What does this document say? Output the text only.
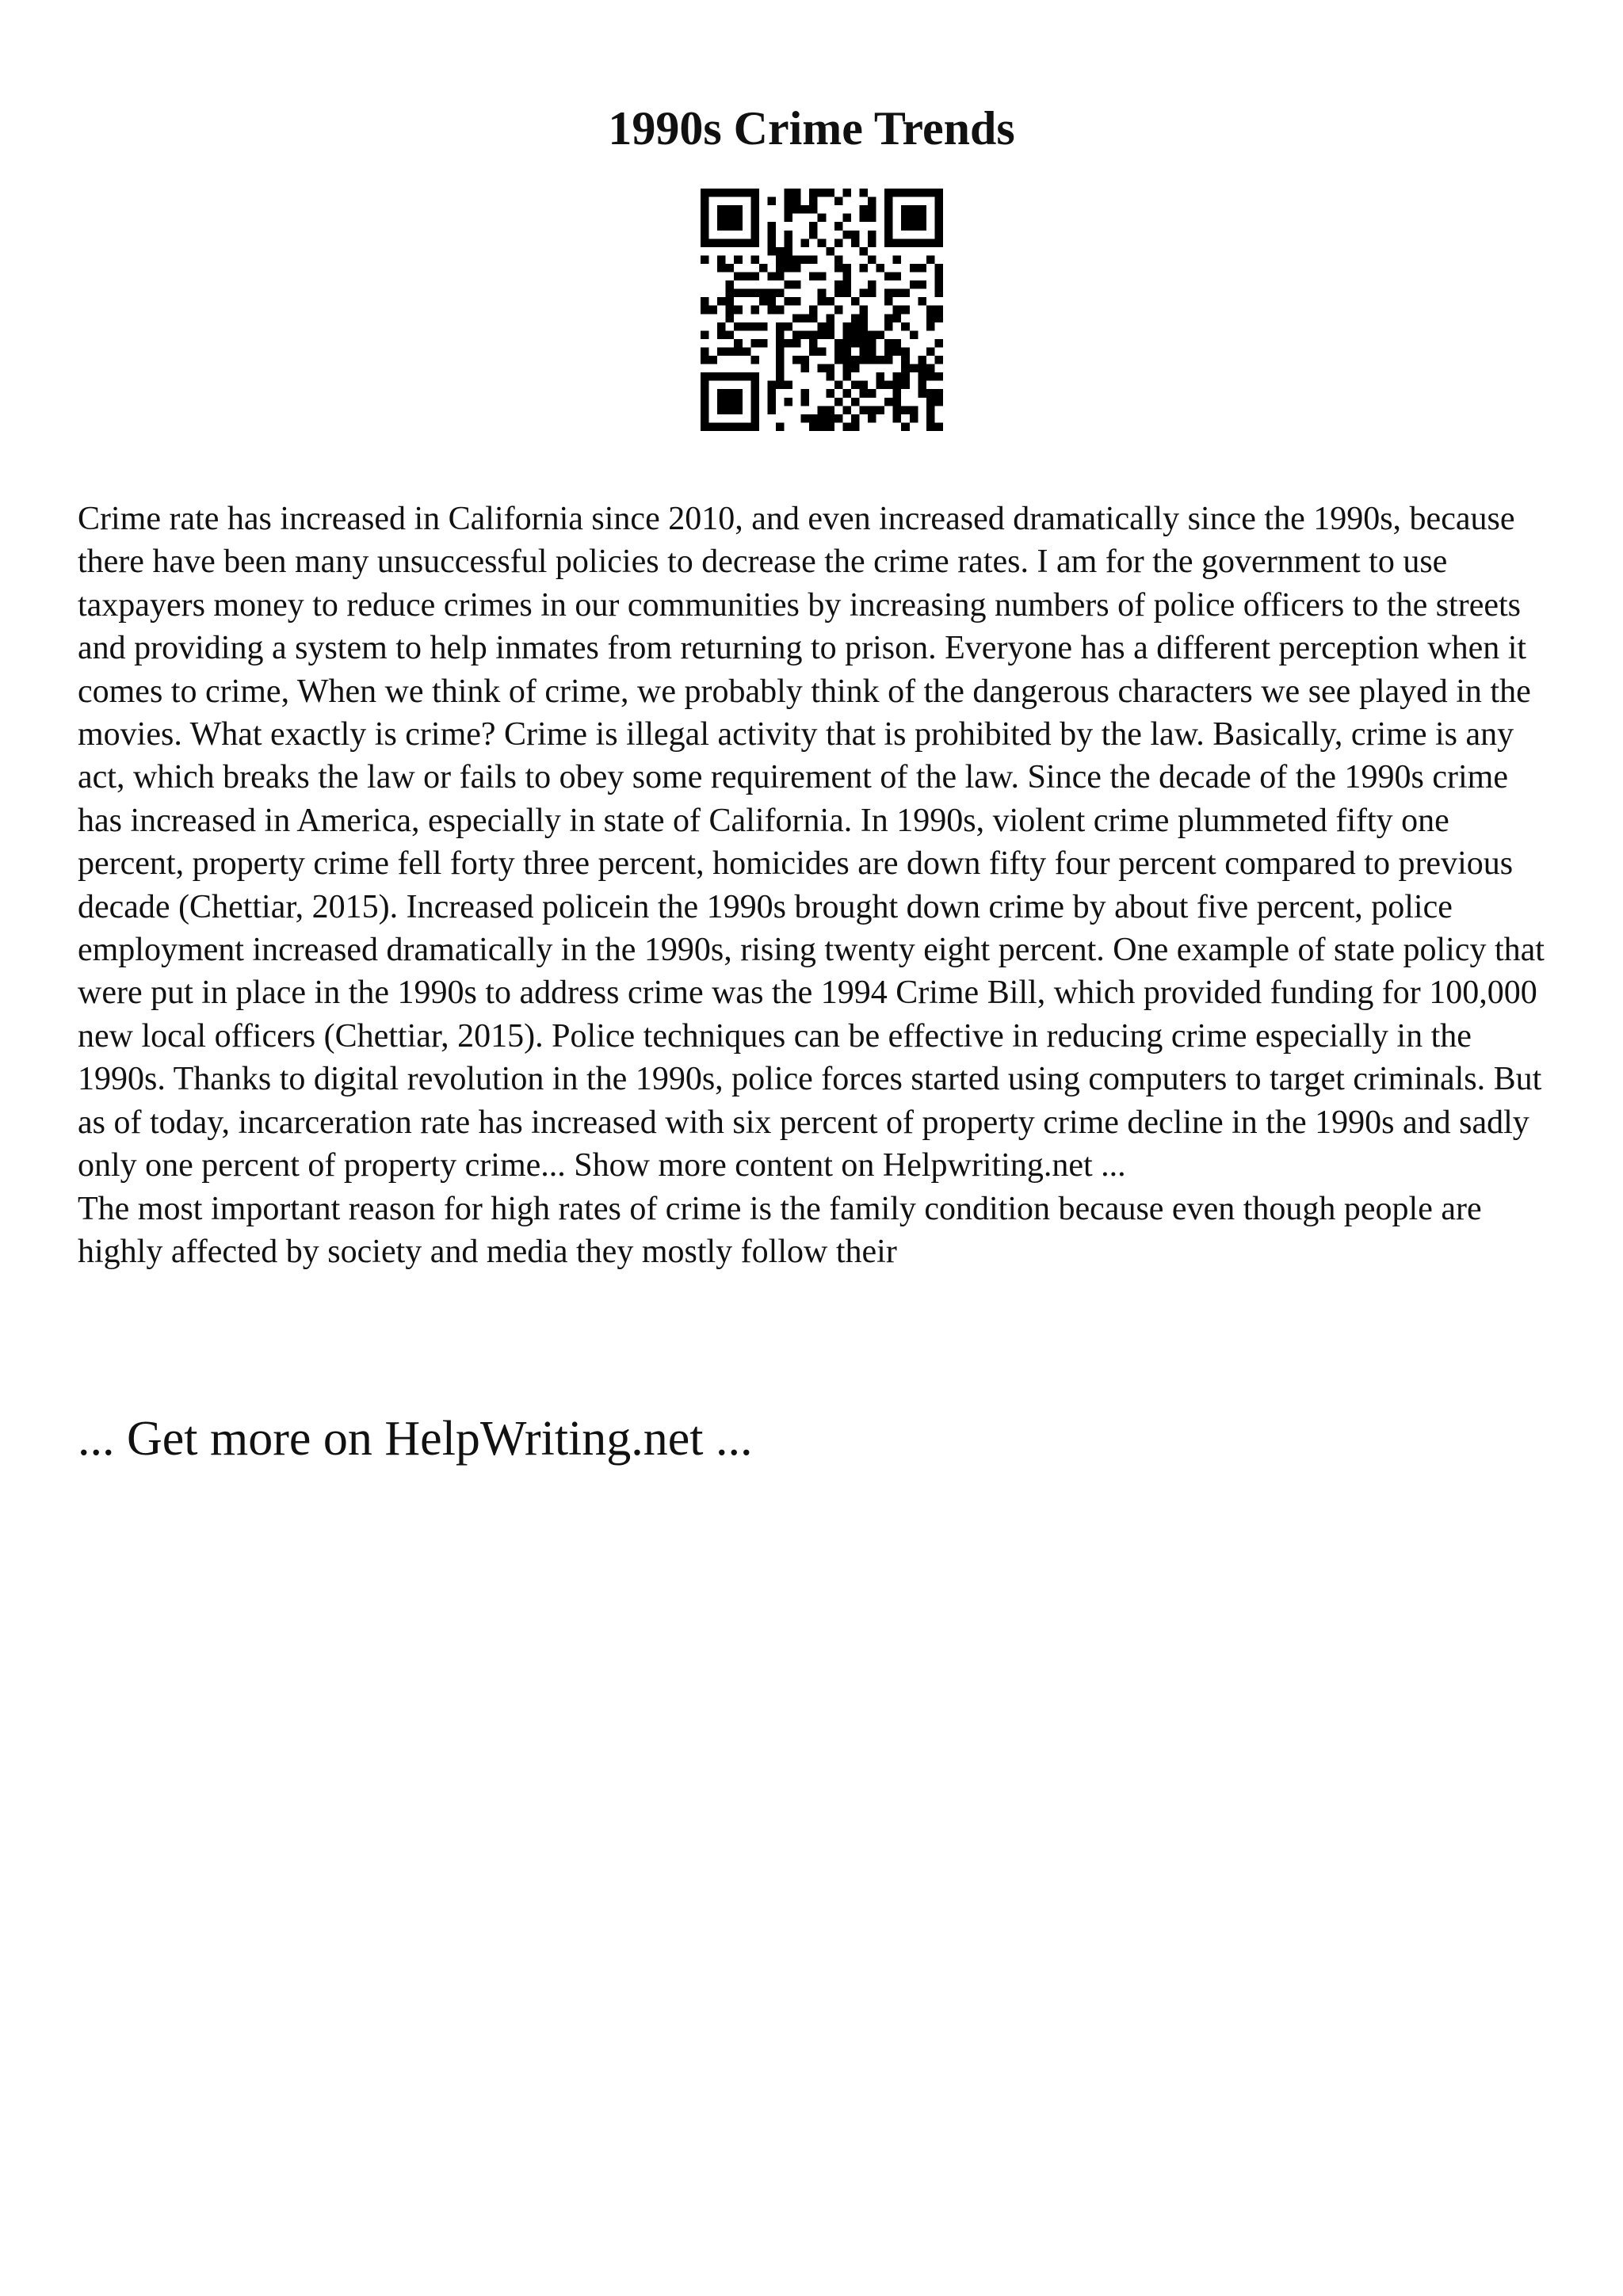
1990s Crime Trends

Crime rate has increased in California since 2010, and even increased dramatically since the 1990s, because there have been many unsuccessful policies to decrease the crime rates. I am for the government to use taxpayers money to reduce crimes in our communities by increasing numbers of police officers to the streets and providing a system to help inmates from returning to prison. Everyone has a different perception when it comes to crime, When we think of crime, we probably think of the dangerous characters we see played in the movies. What exactly is crime? Crime is illegal activity that is prohibited by the law. Basically, crime is any act, which breaks the law or fails to obey some requirement of the law. Since the decade of the 1990s crime has increased in America, especially in state of California. In 1990s, violent crime plummeted fifty one percent, property crime fell forty three percent, homicides are down fifty four percent compared to previous decade (Chettiar, 2015). Increased policein the 1990s brought down crime by about five percent, police employment increased dramatically in the 1990s, rising twenty eight percent. One example of state policy that were put in place in the 1990s to address crime was the 1994 Crime Bill, which provided funding for 100,000 new local officers (Chettiar, 2015). Police techniques can be effective in reducing crime especially in the 1990s. Thanks to digital revolution in the 1990s, police forces started using computers to target criminals. But as of today, incarceration rate has increased with six percent of property crime decline in the 1990s and sadly only one percent of property crime... Show more content on Helpwriting.net ...

The most important reason for high rates of crime is the family condition because even though people are highly affected by society and media they mostly follow their

... Get more on HelpWriting.net ...
